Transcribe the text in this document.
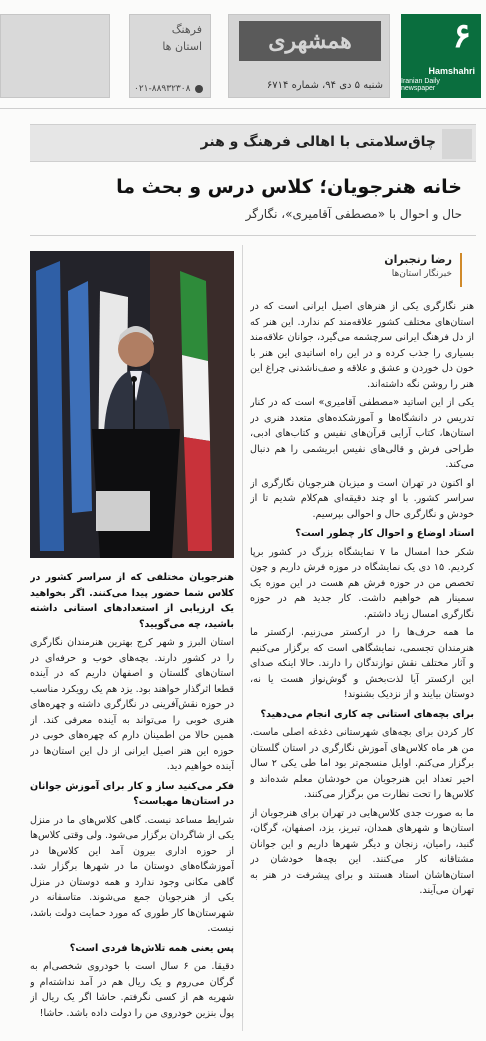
فرهنگ
استان ها
۰۲۱-۸۸۹۳۲۳۰۸
همشهری
شنبه ۵ دی ۹۴، شماره ۶۷۱۴
۶
Hamshahri
Iranian Daily newspaper
چاق‌سلامتی با اهالی فرهنگ و هنر
خانه هنرجویان؛ کلاس درس و بحث ما
حال و احوال با «مصطفی آقامیری»، نگارگر
رضا رنجبران
خبرنگار استان‌ها

هنر نگارگری یکی از هنرهای اصیل ایرانی است که در استان‌های مختلف کشور علاقه‌مند کم ندارد. این هنر که از دل فرهنگ ایرانی سرچشمه می‌گیرد، جوانان علاقه‌مند بسیاری را جذب کرده و در این راه اساتیدی این هنر با خون دل خوردن و عشق و علاقه و صف‌ناشدنی چراغ این هنر را روشن نگه داشته‌اند.

یکی از این اساتید «مصطفی آقامیری» است که در کنار تدریس در دانشگاه‌ها و آموزشکده‌های متعدد هنری در استان‌ها، کتاب آرایی قرآن‌های نفیس و کتاب‌های ادبی، طراحی فرش و قالی‌های نفیس ابریشمی را هم دنبال می‌کند.

او اکنون در تهران است و میزبان هنرجویان نگارگری از سراسر کشور. با او چند دقیقه‌ای هم‌کلام شدیم تا از خودش و نگارگری حال و احوالی بپرسیم.

استاد اوضاع و احوال کار چطور است؟

شکر خدا امسال ما ۷ نمایشگاه بزرگ در کشور برپا کردیم. ۱۵ دی یک نمایشگاه در موزه فرش داریم و چون تخصص من در حوزه فرش هم هست در این موزه یک سمینار هم خواهیم داشت. کار جدید هم در حوزه نگارگری امسال زیاد داشتم.

ما همه حرف‌ها را در ارکستر می‌زنیم. ارکستر ما هنرمندان تجسمی، نمایشگاهی است که برگزار می‌کنیم و آثار مختلف نقش نوازندگان را دارند. حالا اینکه صدای این ارکستر آیا لذت‌بخش و گوش‌نواز هست یا نه، دوستان بیایند و از نزدیک بشنوند!

برای بچه‌های استانی چه کاری انجام می‌دهید؟

کار کردن برای بچه‌های شهرستانی دغدغه اصلی ماست. من هر ماه کلاس‌های آموزش نگارگری در استان گلستان برگزار می‌کنم. اوایل منسجم‌تر بود اما طی یکی ۲ سال اخیر تعداد این هنرجویان من خودشان معلم شده‌اند و کلاس‌ها را تحت نظارت من برگزار می‌کنند.

ما به صورت جدی کلاس‌هایی در تهران برای هنرجویان از استان‌ها و شهرهای همدان، تبریز، یزد، اصفهان، گرگان، گنبد، رامیان، زنجان و دیگر شهرها داریم و این جوانان مشتاقانه کار می‌کنند. این بچه‌ها خودشان در استان‌هاشان استاد هستند و برای پیشرفت در هنر به تهران می‌آیند.

هنرجویان مختلفی که از سراسر کشور در کلاس شما حضور پیدا می‌کنند. اگر بخواهید یک ارزیابی از استعدادهای استانی داشته باشید، چه می‌گویید؟

استان البرز و شهر کرج بهترین هنرمندان نگارگری را در کشور دارند. بچه‌های خوب و حرفه‌ای در استان‌های گلستان و اصفهان داریم که در آینده قطعا اثرگذار خواهند بود. یزد هم یک رویکرد مناسب در حوزه نقش‌آفرینی در نگارگری داشته و چهره‌های هنری خوبی را می‌تواند به آینده معرفی کند. از همین حالا من اطمینان دارم که چهره‌های خوبی در حوزه این هنر اصیل ایرانی از دل این استان‌ها در آینده خواهیم دید.

فکر می‌کنید ساز و کار برای آموزش جوانان در استان‌ها مهیاست؟

شرایط مساعد نیست. گاهی کلاس‌های ما در منزل یکی از شاگردان برگزار می‌شود. ولی وقتی کلاس‌ها از حوزه اداری بیرون آمد این کلاس‌ها در آموزشگاه‌های دوستان ما در شهرها برگزار شد. گاهی مکانی وجود ندارد و همه دوستان در منزل یکی از هنرجویان جمع می‌شوند. متاسفانه در شهرستان‌ها کار طوری که مورد حمایت دولت باشد، نیست.

پس یعنی همه تلاش‌ها فردی است؟

دقیقا. من ۶ سال است با خودروی شخصی‌ام به گرگان می‌روم و یک ریال هم در آمد نداشته‌ام و شهریه هم از کسی نگرفتم. حاشا اگر یک ریال از پول بنزین خودروی من را دولت داده باشد. حاشا!
